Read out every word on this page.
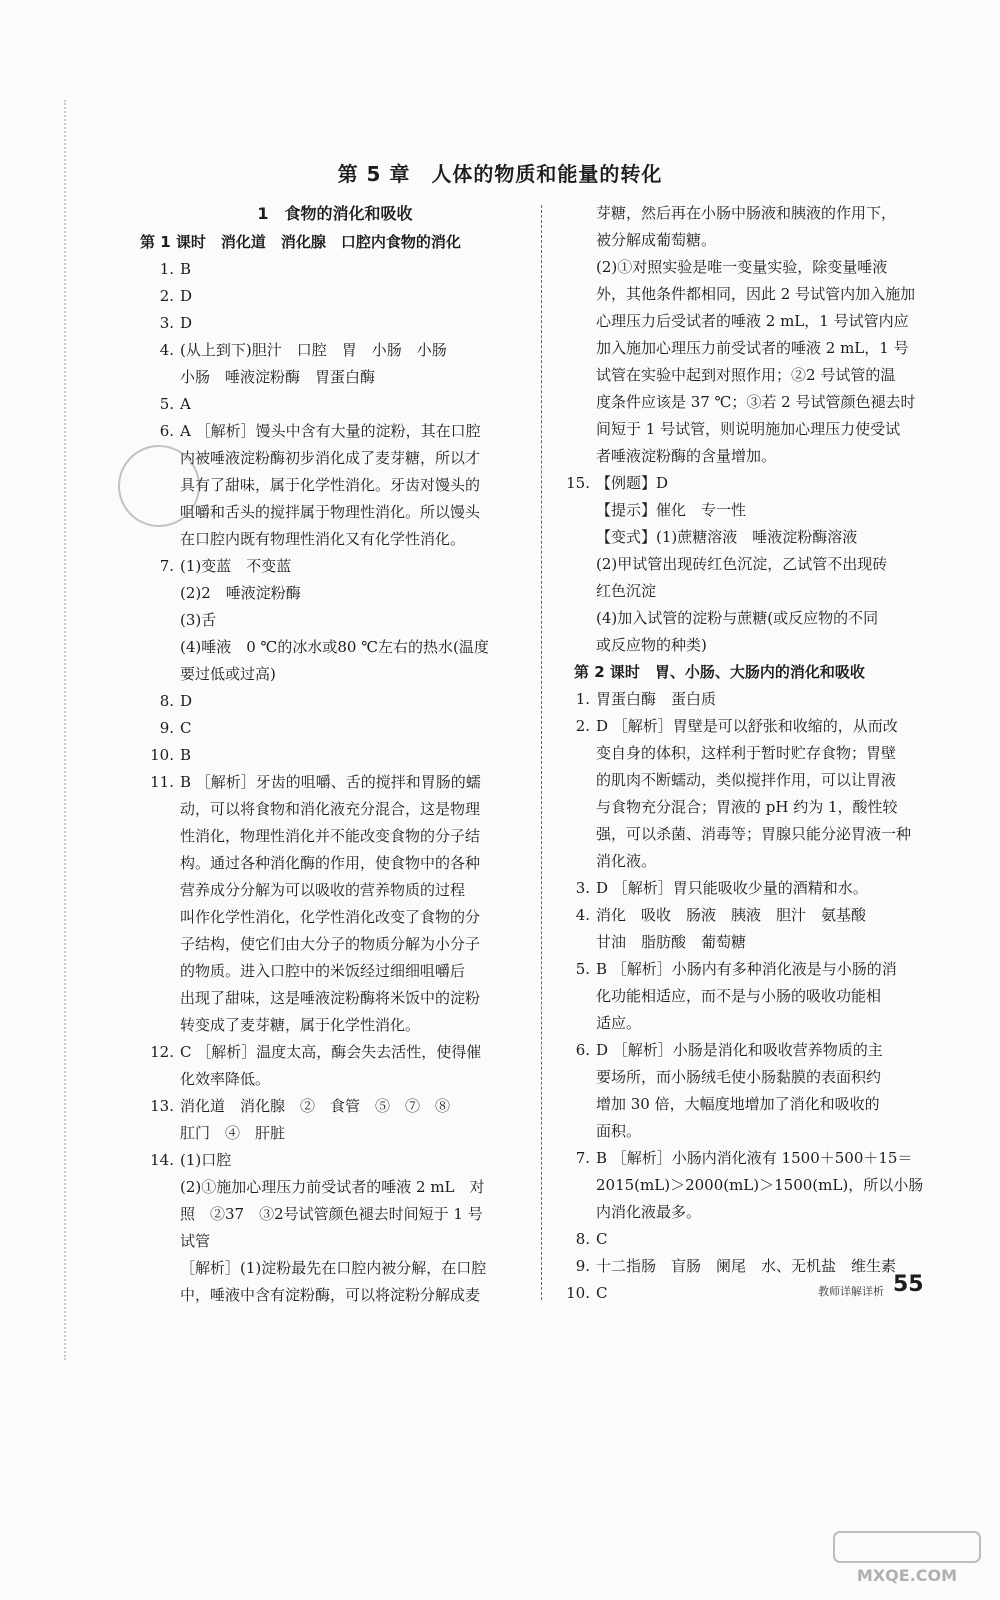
第 5 章　人体的物质和能量的转化
1　食物的消化和吸收
第 1 课时　消化道　消化腺　口腔内食物的消化
1. B
2. D
3. D
4. (从上到下)胆汁　口腔　胃　小肠　小肠
小肠　唾液淀粉酶　胃蛋白酶
5. A
6. A ［解析］馒头中含有大量的淀粉，其在口腔
内被唾液淀粉酶初步消化成了麦芽糖，所以才
具有了甜味，属于化学性消化。牙齿对馒头的
咀嚼和舌头的搅拌属于物理性消化。所以馒头
在口腔内既有物理性消化又有化学性消化。
7. (1)变蓝　不变蓝
(2)2　唾液淀粉酶
(3)舌
(4)唾液　0 ℃的冰水或80 ℃左右的热水(温度
要过低或过高)
8. D
9. C
10. B
11. B ［解析］牙齿的咀嚼、舌的搅拌和胃肠的蠕
动，可以将食物和消化液充分混合，这是物理
性消化，物理性消化并不能改变食物的分子结
构。通过各种消化酶的作用，使食物中的各种
营养成分分解为可以吸收的营养物质的过程
叫作化学性消化，化学性消化改变了食物的分
子结构，使它们由大分子的物质分解为小分子
的物质。进入口腔中的米饭经过细细咀嚼后
出现了甜味，这是唾液淀粉酶将米饭中的淀粉
转变成了麦芽糖，属于化学性消化。
12. C ［解析］温度太高，酶会失去活性，使得催
化效率降低。
13. 消化道　消化腺　②　食管　⑤　⑦　⑧
肛门　④　肝脏
14. (1)口腔
(2)①施加心理压力前受试者的唾液 2 mL　对
照　②37　③2号试管颜色褪去时间短于 1 号
试管
［解析］(1)淀粉最先在口腔内被分解，在口腔
中，唾液中含有淀粉酶，可以将淀粉分解成麦
芽糖，然后再在小肠中肠液和胰液的作用下，
被分解成葡萄糖。
(2)①对照实验是唯一变量实验，除变量唾液
外，其他条件都相同，因此 2 号试管内加入施加
心理压力后受试者的唾液 2 mL，1 号试管内应
加入施加心理压力前受试者的唾液 2 mL，1 号
试管在实验中起到对照作用；②2 号试管的温
度条件应该是 37 ℃；③若 2 号试管颜色褪去时
间短于 1 号试管，则说明施加心理压力使受试
者唾液淀粉酶的含量增加。
15. 【例题】D
【提示】催化　专一性
【变式】(1)蔗糖溶液　唾液淀粉酶溶液
(2)甲试管出现砖红色沉淀，乙试管不出现砖
红色沉淀
(4)加入试管的淀粉与蔗糖(或反应物的不同
或反应物的种类)
第 2 课时　胃、小肠、大肠内的消化和吸收
1. 胃蛋白酶　蛋白质
2. D ［解析］胃壁是可以舒张和收缩的，从而改
变自身的体积，这样利于暂时贮存食物；胃壁
的肌肉不断蠕动，类似搅拌作用，可以让胃液
与食物充分混合；胃液的 pH 约为 1，酸性较
强，可以杀菌、消毒等；胃腺只能分泌胃液一种
消化液。
3. D ［解析］胃只能吸收少量的酒精和水。
4. 消化　吸收　肠液　胰液　胆汁　氨基酸
甘油　脂肪酸　葡萄糖
5. B ［解析］小肠内有多种消化液是与小肠的消
化功能相适应，而不是与小肠的吸收功能相
适应。
6. D ［解析］小肠是消化和吸收营养物质的主
要场所，而小肠绒毛使小肠黏膜的表面积约
增加 30 倍，大幅度地增加了消化和吸收的
面积。
7. B ［解析］小肠内消化液有 1500＋500＋15＝
2015(mL)＞2000(mL)＞1500(mL)，所以小肠
内消化液最多。
8. C
9. 十二指肠　盲肠　阑尾　水、无机盐　维生素
10. C	教师详解详析 55
MXQE.COM
